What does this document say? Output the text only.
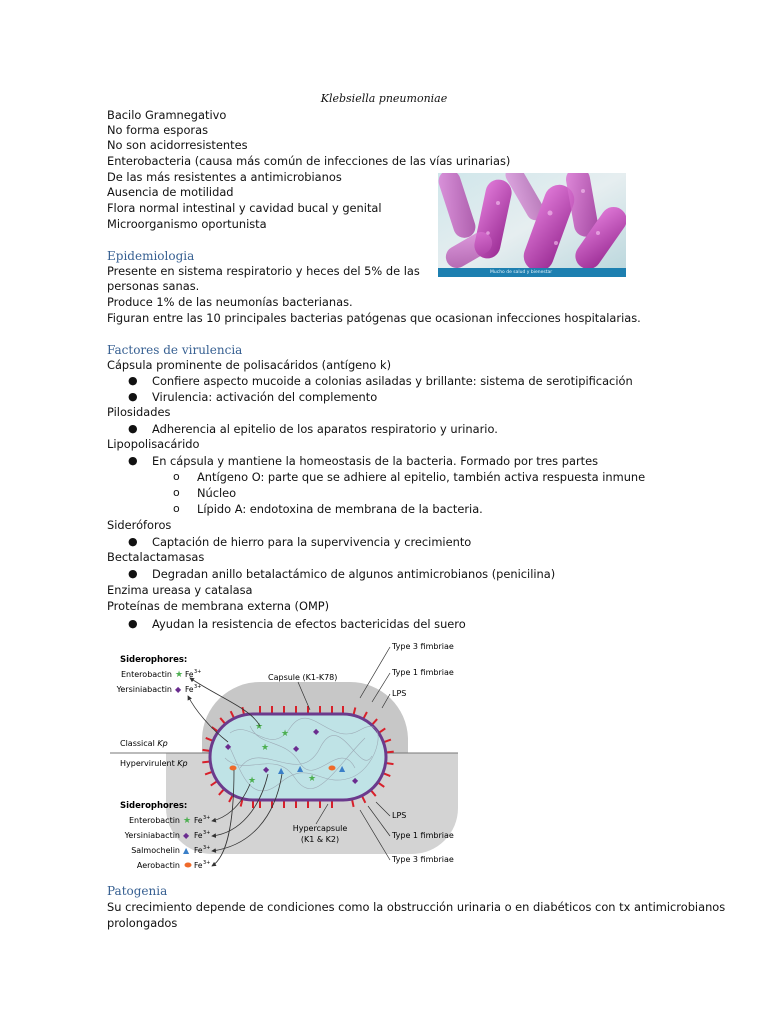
Klebsiella pneumoniae
Bacilo Gramnegativo
No forma esporas
No son acidorresistentes
Enterobacteria (causa más común de infecciones de las vías urinarias)
De las más resistentes a antimicrobianos
Ausencia de motilidad
Flora normal intestinal y cavidad bucal y genital
Microorganismo oportunista
Mucho de salud y bienestar
Epidemiologia
Presente en sistema respiratorio y heces del 5% de las
personas sanas.
Produce 1% de las neumonías bacterianas.
Figuran entre las 10 principales bacterias patógenas que ocasionan infecciones hospitalarias.
Factores de virulencia
Cápsula prominente de polisacáridos (antígeno k)
● Confiere aspecto mucoide a colonias asiladas y brillante: sistema de serotipificación
● Virulencia: activación del complemento
Pilosidades
● Adherencia al epitelio de los aparatos respiratorio y urinario.
Lipopolisacárido
● En cápsula y mantiene la homeostasis de la bacteria. Formado por tres partes
o Antígeno O: parte que se adhiere al epitelio, también activa respuesta inmune
o Núcleo
o Lípido A: endotoxina de membrana de la bacteria.
Sideróforos
● Captación de hierro para la supervivencia y crecimiento
Bectalactamasas
● Degradan anillo betalactámico de algunos antimicrobianos (penicilina)
Enzima ureasa y catalasa
Proteínas de membrana externa (OMP)
● Ayudan la resistencia de efectos bactericidas del suero
★
★
★	◆
◆
◆
▲ ▲	▲
◆
◆
★	★
Siderophores:
Enterobactin ★ Fe 3+
Yersiniabactin ◆ Fe 3+
Capsule (K1-K78)
Type 3 fimbriae
Type 1 fimbriae
LPS
Classical Kp
Hypervirulent Kp
Siderophores:
Enterobactin ★ Fe 3+
Yersiniabactin ◆ Fe 3+
Salmochelin ▲ Fe 3+
Aerobactin Fe 3+
Hypercapsule
(K1 & K2)
LPS
Type 1 fimbriae
Type 3 fimbriae
Patogenia
Su crecimiento depende de condiciones como la obstrucción urinaria o en diabéticos con tx antimicrobianos
prolongados
